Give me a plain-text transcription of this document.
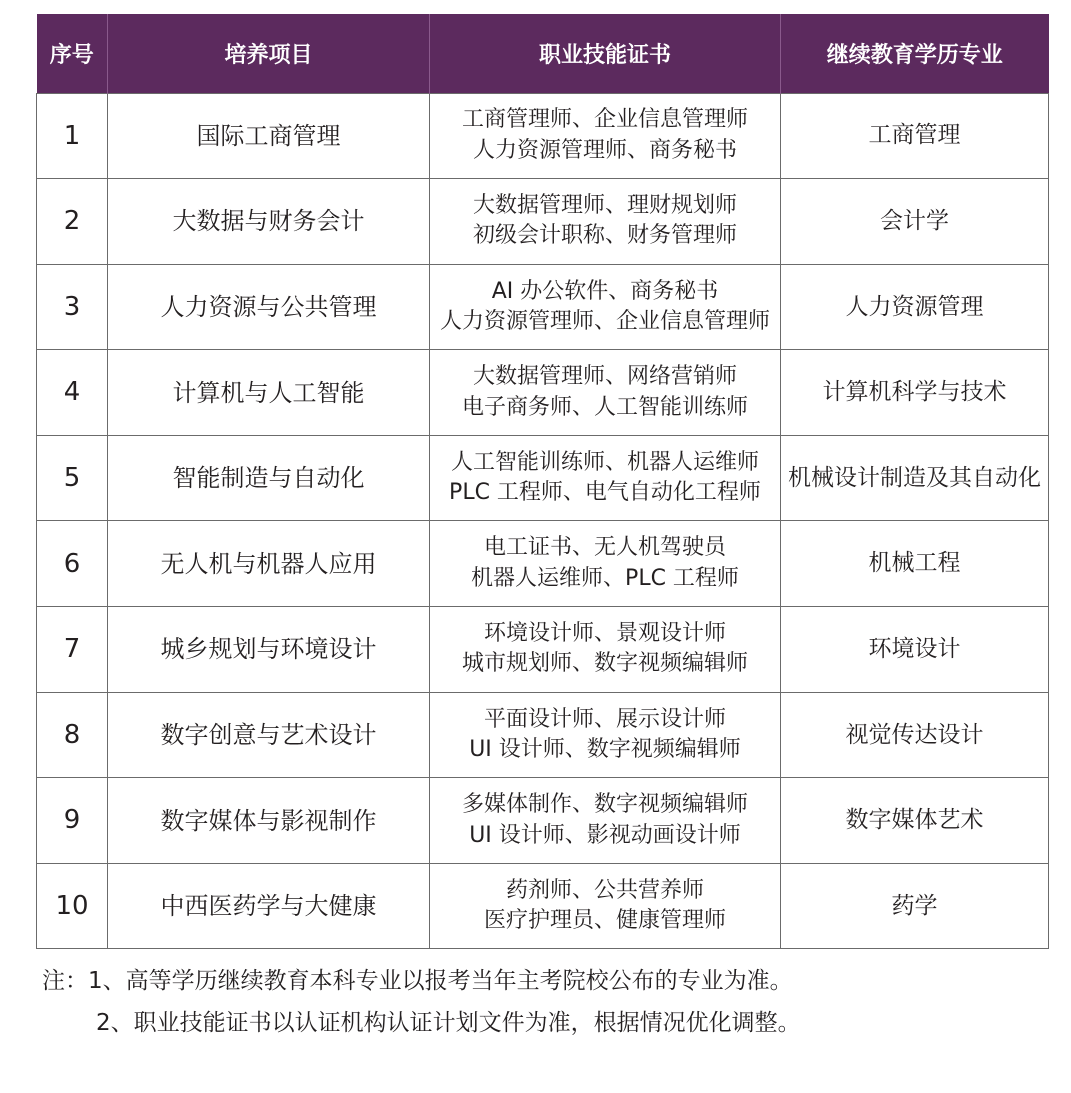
序号	培养项目	职业技能证书	继续教育学历专业
1	国际工商管理	工商管理师、企业信息管理师
人力资源管理师、商务秘书	工商管理
2	大数据与财务会计	大数据管理师、理财规划师
初级会计职称、财务管理师	会计学
3	人力资源与公共管理	AI 办公软件、商务秘书
人力资源管理师、企业信息管理师	人力资源管理
4	计算机与人工智能	大数据管理师、网络营销师
电子商务师、人工智能训练师	计算机科学与技术
5	智能制造与自动化	人工智能训练师、机器人运维师
PLC 工程师、电气自动化工程师	机械设计制造及其自动化
6	无人机与机器人应用	电工证书、无人机驾驶员
机器人运维师、PLC 工程师	机械工程
7	城乡规划与环境设计	环境设计师、景观设计师
城市规划师、数字视频编辑师	环境设计
8	数字创意与艺术设计	平面设计师、展示设计师
UI 设计师、数字视频编辑师	视觉传达设计
9	数字媒体与影视制作	多媒体制作、数字视频编辑师
UI 设计师、影视动画设计师	数字媒体艺术
10	中西医药学与大健康	药剂师、公共营养师
医疗护理员、健康管理师	药学
注：1、高等学历继续教育本科专业以报考当年主考院校公布的专业为准。
2、职业技能证书以认证机构认证计划文件为准，根据情况优化调整。
